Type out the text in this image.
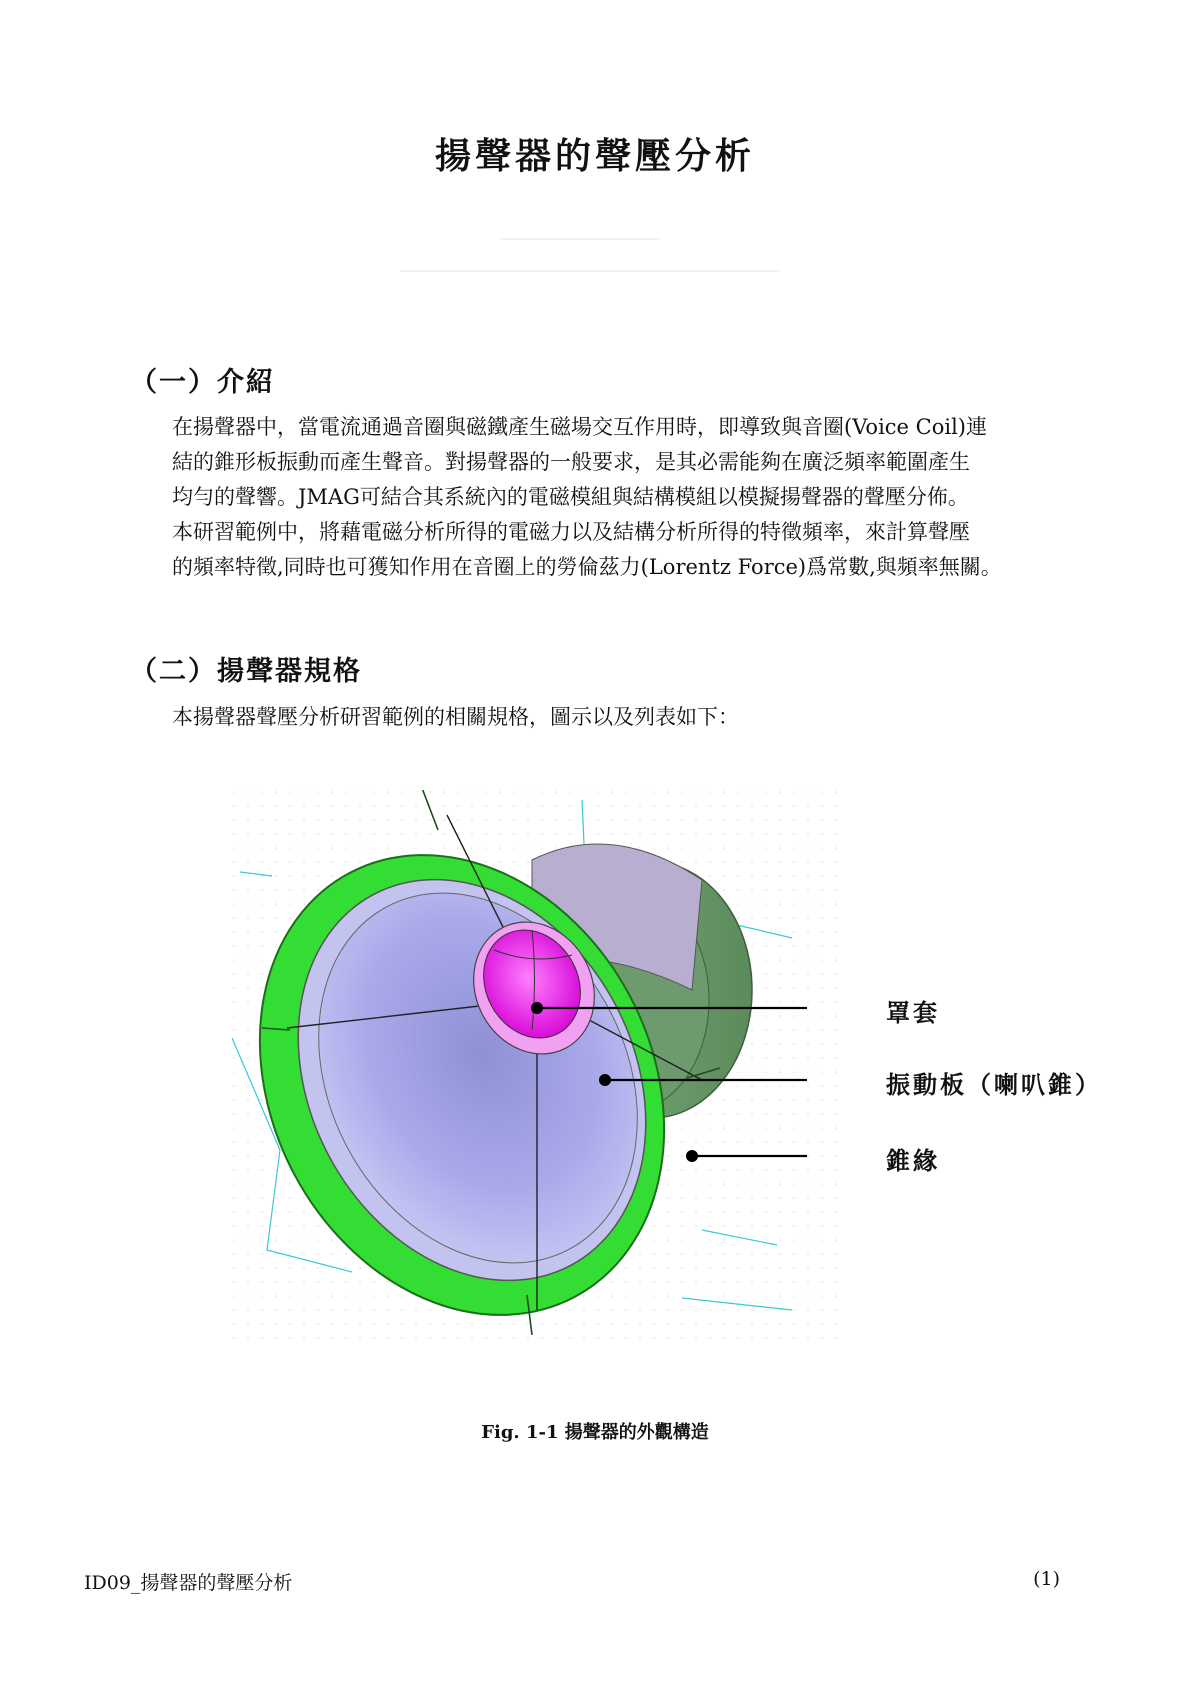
揚聲器的聲壓分析
（一）介紹
在揚聲器中，當電流通過音圈與磁鐵產生磁場交互作用時，即導致與音圈(Voice Coil)連
結的錐形板振動而產生聲音。對揚聲器的一般要求，是其必需能夠在廣泛頻率範圍產生
均勻的聲響。JMAG可結合其系統內的電磁模組與結構模組以模擬揚聲器的聲壓分佈。
本研習範例中，將藉電磁分析所得的電磁力以及結構分析所得的特徵頻率，來計算聲壓
的頻率特徵,同時也可獲知作用在音圈上的勞倫茲力(Lorentz Force)爲常數,與頻率無關。
（二）揚聲器規格
本揚聲器聲壓分析研習範例的相關規格，圖示以及列表如下：
罩套
振動板（喇叭錐）
錐緣
Fig. 1-1 揚聲器的外觀構造
ID09_揚聲器的聲壓分析	(1)
